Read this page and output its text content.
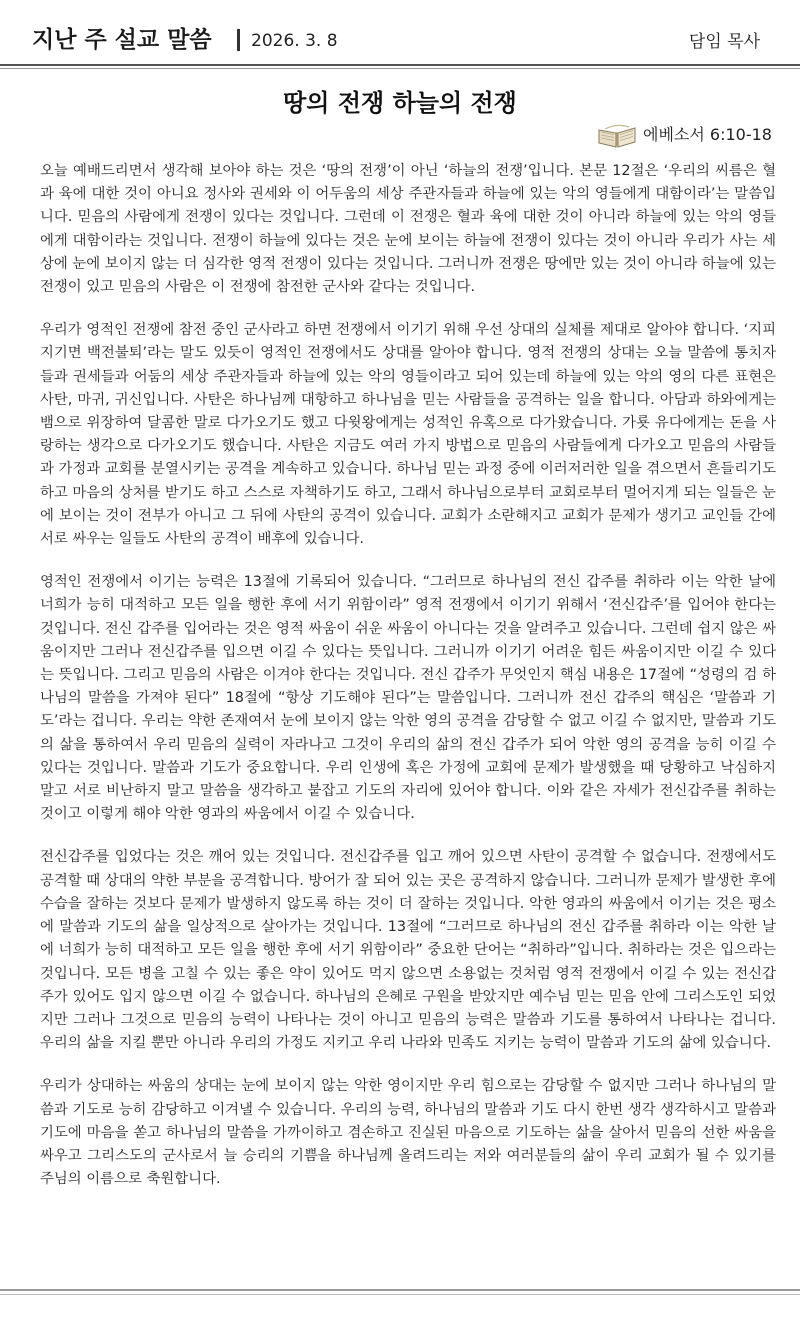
지난 주 설교 말씀 2026. 3. 8	담임 목사
땅의 전쟁 하늘의 전쟁
에베소서 6:10-18

오늘 예배드리면서 생각해 보아야 하는 것은 ‘땅의 전쟁’이 아닌 ‘하늘의 전쟁’입니다. 본문 12절은 ‘우리의 씨름은 혈과 육에 대한 것이 아니요 정사와 권세와 이 어두움의 세상 주관자들과 하늘에 있는 악의 영들에게 대함이라’는 말씀입니다. 믿음의 사람에게 전쟁이 있다는 것입니다. 그런데 이 전쟁은 혈과 육에 대한 것이 아니라 하늘에 있는 악의 영들에게 대함이라는 것입니다. 전쟁이 하늘에 있다는 것은 눈에 보이는 하늘에 전쟁이 있다는 것이 아니라 우리가 사는 세상에 눈에 보이지 않는 더 심각한 영적 전쟁이 있다는 것입니다. 그러니까 전쟁은 땅에만 있는 것이 아니라 하늘에 있는 전쟁이 있고 믿음의 사람은 이 전쟁에 참전한 군사와 같다는 것입니다.

우리가 영적인 전쟁에 참전 중인 군사라고 하면 전쟁에서 이기기 위해 우선 상대의 실체를 제대로 알아야 합니다. ‘지피지기면 백전불퇴’라는 말도 있듯이 영적인 전쟁에서도 상대를 알아야 합니다. 영적 전쟁의 상대는 오늘 말씀에 통치자들과 권세들과 어둠의 세상 주관자들과 하늘에 있는 악의 영들이라고 되어 있는데 하늘에 있는 악의 영의 다른 표현은 사탄, 마귀, 귀신입니다. 사탄은 하나님께 대항하고 하나님을 믿는 사람들을 공격하는 일을 합니다. 아담과 하와에게는 뱀으로 위장하여 달콤한 말로 다가오기도 했고 다윗왕에게는 성적인 유혹으로 다가왔습니다. 가룟 유다에게는 돈을 사랑하는 생각으로 다가오기도 했습니다. 사탄은 지금도 여러 가지 방법으로 믿음의 사람들에게 다가오고 믿음의 사람들과 가정과 교회를 분열시키는 공격을 계속하고 있습니다. 하나님 믿는 과정 중에 이러저러한 일을 겪으면서 흔들리기도 하고 마음의 상처를 받기도 하고 스스로 자책하기도 하고, 그래서 하나님으로부터 교회로부터 멀어지게 되는 일들은 눈에 보이는 것이 전부가 아니고 그 뒤에 사탄의 공격이 있습니다. 교회가 소란해지고 교회가 문제가 생기고 교인들 간에 서로 싸우는 일들도 사탄의 공격이 배후에 있습니다.

영적인 전쟁에서 이기는 능력은 13절에 기록되어 있습니다. “그러므로 하나님의 전신 갑주를 취하라 이는 악한 날에 너희가 능히 대적하고 모든 일을 행한 후에 서기 위함이라” 영적 전쟁에서 이기기 위해서 ‘전신갑주’를 입어야 한다는 것입니다. 전신 갑주를 입어라는 것은 영적 싸움이 쉬운 싸움이 아니다는 것을 알려주고 있습니다. 그런데 쉽지 않은 싸움이지만 그러나 전신갑주를 입으면 이길 수 있다는 뜻입니다. 그러니까 이기기 어려운 힘든 싸움이지만 이길 수 있다는 뜻입니다. 그리고 믿음의 사람은 이겨야 한다는 것입니다. 전신 갑주가 무엇인지 핵심 내용은 17절에 “성령의 검 하나님의 말씀을 가져야 된다” 18절에 “항상 기도해야 된다”는 말씀입니다. 그러니까 전신 갑주의 핵심은 ‘말씀과 기도’라는 겁니다. 우리는 약한 존재여서 눈에 보이지 않는 악한 영의 공격을 감당할 수 없고 이길 수 없지만, 말씀과 기도의 삶을 통하여서 우리 믿음의 실력이 자라나고 그것이 우리의 삶의 전신 갑주가 되어 악한 영의 공격을 능히 이길 수 있다는 것입니다. 말씀과 기도가 중요합니다. 우리 인생에 혹은 가정에 교회에 문제가 발생했을 때 당황하고 낙심하지 말고 서로 비난하지 말고 말씀을 생각하고 붙잡고 기도의 자리에 있어야 합니다. 이와 같은 자세가 전신갑주를 취하는 것이고 이렇게 해야 악한 영과의 싸움에서 이길 수 있습니다.

전신갑주를 입었다는 것은 깨어 있는 것입니다. 전신갑주를 입고 깨어 있으면 사탄이 공격할 수 없습니다. 전쟁에서도 공격할 때 상대의 약한 부분을 공격합니다. 방어가 잘 되어 있는 곳은 공격하지 않습니다. 그러니까 문제가 발생한 후에 수습을 잘하는 것보다 문제가 발생하지 않도록 하는 것이 더 잘하는 것입니다. 악한 영과의 싸움에서 이기는 것은 평소에 말씀과 기도의 삶을 일상적으로 살아가는 것입니다. 13절에 “그러므로 하나님의 전신 갑주를 취하라 이는 악한 날에 너희가 능히 대적하고 모든 일을 행한 후에 서기 위함이라” 중요한 단어는 “취하라”입니다. 취하라는 것은 입으라는 것입니다. 모든 병을 고칠 수 있는 좋은 약이 있어도 먹지 않으면 소용없는 것처럼 영적 전쟁에서 이길 수 있는 전신갑주가 있어도 입지 않으면 이길 수 없습니다. 하나님의 은혜로 구원을 받았지만 예수님 믿는 믿음 안에 그리스도인 되었지만 그러나 그것으로 믿음의 능력이 나타나는 것이 아니고 믿음의 능력은 말씀과 기도를 통하여서 나타나는 겁니다. 우리의 삶을 지킬 뿐만 아니라 우리의 가정도 지키고 우리 나라와 민족도 지키는 능력이 말씀과 기도의 삶에 있습니다.

우리가 상대하는 싸움의 상대는 눈에 보이지 않는 악한 영이지만 우리 힘으로는 감당할 수 없지만 그러나 하나님의 말씀과 기도로 능히 감당하고 이겨낼 수 있습니다. 우리의 능력, 하나님의 말씀과 기도 다시 한번 생각 생각하시고 말씀과 기도에 마음을 쏟고 하나님의 말씀을 가까이하고 겸손하고 진실된 마음으로 기도하는 삶을 살아서 믿음의 선한 싸움을 싸우고 그리스도의 군사로서 늘 승리의 기쁨을 하나님께 올려드리는 저와 여러분들의 삶이 우리 교회가 될 수 있기를 주님의 이름으로 축원합니다.
